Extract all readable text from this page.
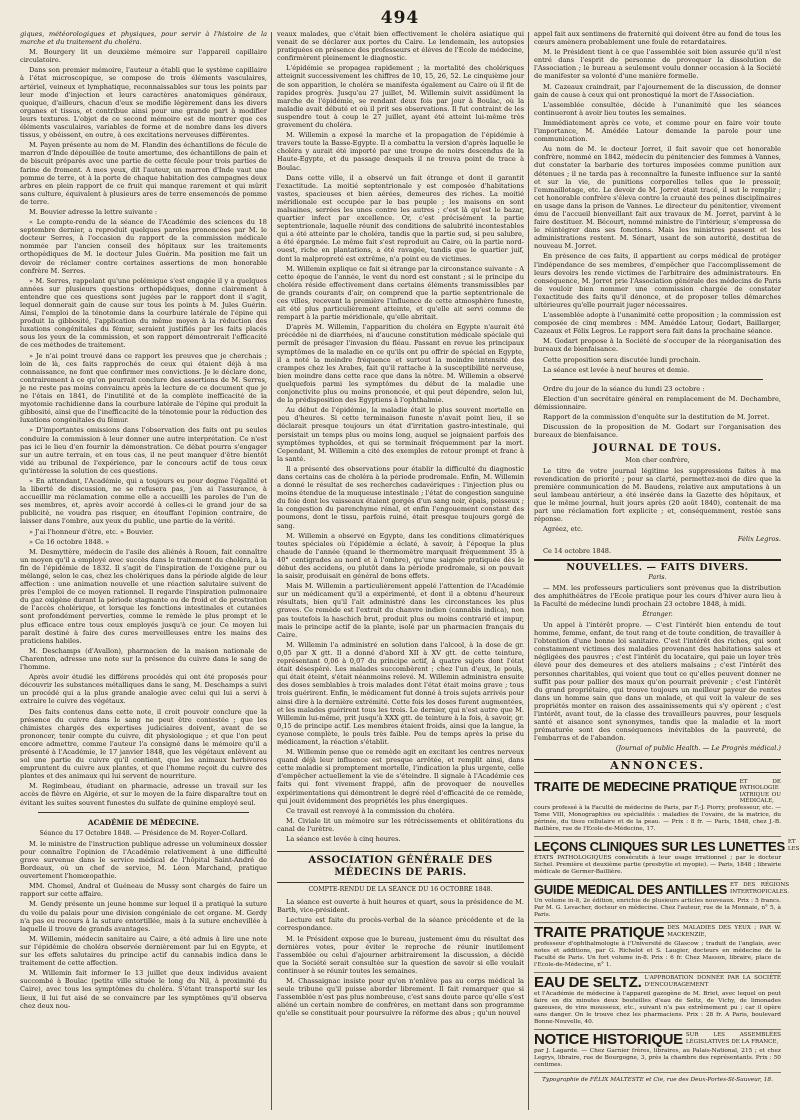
494

giques, météorologiques et physiques, pour servir à l'histoire de la marche et du traitement du choléra.

M. Bourgery lit un deuxième mémoire sur l'appareil capillaire circulatoire.

Dans son premier mémoire, l'auteur a établi que le système capillaire à l'état microscopique, se compose de trois éléments vasculaires, artériel, veineux et lymphatique, reconnaissables sur tous les points par leur mode d'injection et leurs caractères anatomiques généraux, quoique, d'ailleurs, chacun d'eux se modifie légèrement dans les divers organes et tissus, et contribue ainsi pour une grande part à modifier leurs textures. L'objet de ce second mémoire est de montrer que ces éléments vasculaires, variables de forme et de nombre dans les divers tissus, y obéissent, en outre, à ces excitations nerveuses différentes.

M. Payen présente au nom de M. Flandin des échantillons de fécule de marron d'Inde dépouillée de toute amertume, des échantillons de pain et de biscuit préparés avec une partie de cette fécule pour trois parties de farine de froment. A mes yeux, dit l'auteur, un marron d'Inde vaut une pomme de terre, et à la porte de chaque habitation des campagnes deux arbres en plein rapport de ce fruit qui manque rarement et qui mûrit sans culture, équivalent à plusieurs ares de terre ensemencés de pomme de terre.

M. Bouvier adresse la lettre suivante :

« Le compte-rendu de la séance de l'Académie des sciences du 18 septembre dernier, a reproduit quelques paroles prononcées par M. le docteur Serres, à l'occasion du rapport de la commission médicale nommée par l'ancien conseil des hôpitaux sur les traitements orthopédiques de M. le docteur Jules Guérin. Ma position me fait un devoir de réclamer contre certaines assertions de mon honorable confrère M. Serres.

» M. Serres, rappelant qu'une polémique s'est engagée il y a quelques années sur plusieurs questions orthopédiques, donne clairement à entendre que ces questions sont jugées par le rapport dont il s'agit, lequel donnerait gain de cause sur tous les points à M. Jules Guérin. Ainsi, l'emploi de la ténotomie dans la courbure latérale de l'épine qui produit la gibbosité, l'application du même moyen à la réduction des luxations congénitales du fémur, seraient justifiés par les faits placés sous les yeux de la commission, et son rapport démontrerait l'efficacité de ces méthodes de traitement.

» Je n'ai point trouvé dans ce rapport les preuves que je cherchais ; loin de là, ces faits rapprochés de ceux qui étaient déjà à ma connaissance, ne font que confirmer mes convictions. Je le déclare donc, contrairement à ce qu'on pourrait conclure des assertions de M. Serres, je ne reste pas moins convaincu après la lecture de ce document que je ne l'étais en 1841, de l'inutilité et de la complète inefficacité de la myotomie rachidienne dans la courbure latérale de l'épine qui produit la gibbosité, ainsi que de l'inefficacité de la ténotomie pour la réduction des luxations congénitales du fémur.

» D'importantes omissions dans l'observation des faits ont pu seules conduire la commission à leur donner une autre interprétation. Ce n'est pas ici le lieu d'en fournir la démonstration. Ce débat pourra s'engager sur un autre terrain, et en tous cas, il ne peut manquer d'être bientôt vidé au tribunal de l'expérience, par le concours actif de tous ceux qu'intéresse la solution de ces questions.

» En attendant, l'Académie, qui a toujours eu pour dogme l'égalité et la liberté de discussion, ne se refusera pas, j'en ai l'assurance, à accueillir ma réclamation comme elle a accueilli les paroles de l'un de ses membres, et, après avoir accordé à celles-ci le grand jour de sa publicité, ne voudra pas risquer, en étouffant l'opinion contraire, de laisser dans l'ombre, aux yeux du public, une partie de la vérité.

» J'ai l'honneur d'être, etc. » Bouvier.

» Ce 16 octobre 1848. »

M. Desmyttère, médecin de l'asile des aliénés à Rouen, fait connaître un moyen qu'il a employé avec succès dans le traitement du choléra, à la fin de l'épidémie de 1832. Il s'agit de l'inspiration de l'oxigène pur ou mélangé, selon le cas, chez les cholériques dans la période algide de leur affection : une animation nouvelle et une réaction salutaire suivent de près l'emploi de ce moyen rationnel. Il regarde l'inspiration pulmonaire du gaz oxigène durant la période stagnante ou de froid et de prostration de l'accès cholérique, et lorsque les fonctions intestinales et cutanées sont profondément perverties, comme le remède le plus prompt et le plus efficace entre tous ceux employés jusqu'à ce jour. Ce moyen lui paraît destiné à faire des cures merveilleuses entre les mains des praticiens habiles.

M. Deschamps (d'Avallon), pharmacien de la maison nationale de Charenton, adresse une note sur la présence du cuivre dans le sang de l'homme.

Après avoir étudié les différens procédés qui ont été proposés pour découvrir les substances métalliques dans le sang, M. Deschamps a suivi un procédé qui a la plus grande analogie avec celui qui lui a servi à extraire le cuivre des végétaux.

Des faits contenus dans cette note, il croit pouvoir conclure que la présence du cuivre dans le sang ne peut être contestée ; que les chimistes chargés des expertises judiciaires doivent, avant de se prononcer, tenir compte du cuivre, dit physiologique ; et que l'on peut encore admettre, comme l'auteur l'a consigné dans le mémoire qu'il a présenté à l'Académie, le 17 janvier 1848, que les végétaux enlèvent au sol une partie du cuivre qu'il contient, que les animaux herbivores empruntent du cuivre aux plantes, et que l'homme reçoit du cuivre des plantes et des animaux qui lui servent de nourriture.

M. Regimbeau, étudiant en pharmacie, adresse un travail sur les accès de fièvre en Algérie, et sur le moyen de la faire disparaître tout en évitant les suites souvent funestes du sulfate de quinine employé seul.

ACADÉMIE DE MÉDECINE.
Séance du 17 Octobre 1848. — Présidence de M. Royer-Collard.

M. le ministre de l'instruction publique adresse un volumineux dossier pour connaître l'opinion de l'Académie relativement à une difficulté grave survenue dans le service médical de l'hôpital Saint-André de Bordeaux, où un chef de service, M. Léon Marchand, pratique ouvertement l'homœopathie.

MM. Chomel, Andral et Guéneau de Mussy sont chargés de faire un rapport sur cette affaire.

M. Gendy présente un jeune homme sur lequel il a pratiqué la suture du voile du palais pour une division congéniale de cet organe. M. Gerdy n'a pas eu recours à la suture entortillée, mais à la suture enchevillée à laquelle il trouve de grands avantages.

M. Willemin, médecin sanitaire au Caire, a été admis à lire une note sur l'épidémie de choléra observée dernièrement par lui en Egypte, et sur les effets salutaires du principe actif du cannabis indica dans le traitement de cette affection.

M. Willemin fait informer le 13 juillet que deux individus avaient succombé à Boulac (petite ville située le long du Nil, à proximité du Caire), avec tous les symptômes du choléra. S'étant transporté sur les lieux, il lui fut aisé de se convaincre par les symptômes qu'il observa chez deux nou-

veaux malades, que c'était bien effectivement le choléra asiatique qui venait de se déclarer aux portes du Caire. Le lendemain, les autopsies pratiquées en présence des professeurs et élèves de l'Ecole de médecine, confirmèrent pleinement le diagnostic.

L'épidémie se propagea rapidement ; la mortalité des cholériques atteignit successivement les chiffres de 10, 15, 26, 52. Le cinquième jour de son apparition, le choléra se manifesta également au Caire où il fit de rapides progrès. Jusqu'au 27 juillet, M. Willemin suivit assidûment la marche de l'épidémie, se rendant deux fois par jour à Boulac, où la maladie avait débuté et où il prit ses observations. Il fut contraint de les suspendre tout à coup le 27 juillet, ayant été atteint lui-même très gravement du choléra.

M. Willemin a exposé la marche et la propagation de l'épidémie à travers toute la Basse-Egypte. Il a combattu la version d'après laquelle le choléra y aurait été importé par une troupe de noirs descendus de la Haute-Egypte, et du passage desquels il ne trouva point de trace à Boulac.

Dans cette ville, il a observé un fait étrange et dont il garantit l'exactitude. La moitié septentrionale y est composée d'habitations vastes, spacieuses et bien aérées, demeures des riches. La moitié méridionale est occupée par le bas peuple ; les maisons en sont malsaines, serrées les unes contre les autres ; c'est là qu'est le bazar, quartier infect par excellence. Or, c'est précisément la partie septentrionale, laquelle réunit des conditions de salubrité incontestables qui a été atteinte par le choléra, tandis que la partie sud, si peu salubre, a été épargnée. Le même fait s'est reproduit au Caire, où la partie nord-ouest, riche en plantations, a été ravagée, tandis que le quartier juif, dont la malpropreté est extrême, n'a point eu de victimes.

M. Willemin explique ce fait si étrange par la circonstance suivante : A cette époque de l'année, le vent du nord est constant ; si le principe du choléra réside effectivement dans certains éléments transmissibles par de grands courants d'air, on comprend que la partie septentrionale de ces villes, recevant la première l'influence de cette atmosphère funeste, ait été plus particulièrement atteinte, et qu'elle ait servi comme de rempart à la partie méridionale, qu'elle abritait.

D'après M. Willemin, l'apparition du choléra en Egypte n'aurait été précédée ni de diarrhées, ni d'aucune constitution médicale spéciale qui permît de présager l'invasion du fléau. Passant en revue les principaux symptômes de la maladie en ce qu'ils ont pu offrir de spécial en Egypte, il a noté la moindre fréquence et surtout la moindre intensité des crampes chez les Arabes, fait qu'il rattache à la susceptibilité nerveuse, bien moindre dans cette race que dans la nôtre. M. Willemin a observé quelquefois parmi les symptômes du début de la maladie une conjonctivite plus ou moins prononcée, et qui peut dépendre, selon lui, de la prédisposition des Egyptiens à l'ophthalmie.

Au début de l'épidémie, la maladie était le plus souvent mortelle en peu d'heures. Si cette terminaison funeste n'avait point lieu, il se déclarait presque toujours un état d'irritation gastro-intestinale, qui persistait un temps plus ou moins long, auquel se joignaient parfois des symptômes typhoïdes, et qui se terminait fréquemment par la mort. Cependant, M. Willemin a cité des exemples de retour prompt et franc à la santé.

Il a présenté des observations pour établir la difficulté du diagnostic dans certains cas de choléra à la période prodromale. Enfin, M. Willemin a donné le résultat de ses recherches cadavériques : l'injection plus ou moins étendue de la muqueuse intestinale ; l'état de congestion sanguine du foie dont les vaisseaux étaient gorgés d'un sang noir, épais, poisseux ; la congestion du parenchyme rénal, et enfin l'engouement constant des poumons, dont le tissu, parfois ruiné, était presque toujours gorgé de sang.

M. Willemin a observé en Egypte, dans les conditions climatériques toutes spéciales où l'épidémie a éclaté, à savoir, à l'époque la plus chaude de l'année (quand le thermomètre marquait fréquemment 35 à 40° centigrades au nord et à l'ombre), qu'une saignée pratiquée dès le début des accidens, ou plutôt dans la période prodromale, si on pouvait la saisir, produisait en général de bons effets.

Mais M. Willemin a particulièrement appelé l'attention de l'Académie sur un médicament qu'il a expérimenté, et dont il a obtenu d'heureux résultats, bien qu'il l'ait administré dans les circonstances les plus graves. Ce remède est l'extrait du chanvre indien (cannabis indica), non pas toutefois la haschich brut, produit plus ou moins contrarié et impur, mais le principe actif de la plante, isolé par un pharmacien français du Caire.

M. Willemin l'a administré en solution dans l'alcool, à la dose de gr. 0,05 par X gtt. Il a donné d'abord XII à XV gtt. de cette teinture, représentant 0,06 à 0,07 du principe actif, à quatre sujets dont l'état était désespéré. Les malades succombèrent ; chez l'un d'eux, le pouls, qui était éteint, s'était néanmoins relevé. M. Willemin administra ensuite des doses semblables à trois malades dont l'état était moins grave ; tous trois guérirent. Enfin, le médicament fut donné à trois sujets arrivés pour ainsi dire à la dernière extrémité. Cette fois les doses furent augmentées, et les malades guérirent tous les trois. Le dernier, qui n'est autre que M. Willemin lui-même, prit jusqu'à XXX gtt. de teinture à la fois, à savoir, gr. 0,15 de principe actif. Les membres étaient froids, ainsi que la langue, la cyanose complète, le pouls très faible. Peu de temps après la prise du médicament, la réaction s'établit.

M. Willemin pense que ce remède agit en excitant les centres nerveux quand déjà leur influence est presque arrêtée, et remplit ainsi, dans cette maladie si promptement mortelle, l'indication la plus urgente, celle d'empêcher actuellement la vie de s'éteindre. Il signale à l'Académie ces faits qui font vivement frappé, afin de provoquer de nouvelles expérimentations qui démontrent le degré réel d'efficacité de ce remède, qui jouit évidemment des propriétés les plus énergiques.

Ce travail est renvoyé à la commission du choléra.

M. Civiale lit un mémoire sur les rétrécissements et oblitérations du canal de l'urètre.

La séance est levée à cinq heures.

ASSOCIATION GÉNÉRALE DES MÉDECINS DE PARIS.
COMPTE-RENDU DE LA SÉANCE DU 16 OCTOBRE 1848.

La séance est ouverte à huit heures et quart, sous la présidence de M. Barth, vice-président.

Lecture est faite du procès-verbal de la séance précédente et de la correspondance.

M. le Président expose que le bureau, justement ému du résultat des dernières votes, pour éviter le reproche de réunir inutilement l'assemblée ou celui d'ajourner arbitrairement la discussion, a décidé que la Société serait consultée sur la question de savoir si elle voulait continuer à se réunir toutes les semaines.

M. Chassaignac insiste pour qu'on n'enlève pas au corps médical la seule tribune qu'il puisse aborder librement. Il fait remarquer que si l'assemblée n'est pas plus nombreuse, c'est sans doute parce qu'elle s'est aliéné un certain nombre de confrères, en mettant dans son programme qu'elle se constituait pour poursuivre la réforme des abus ; qu'un nouvel

appel fait aux sentimens de fraternité qui doivent être au fond de tous les cœurs amènera probablement une foule de retardataires.

M. le Président tient à ce que l'assemblée soit bien assurée qu'il n'est entré dans l'esprit de personne de provoquer la dissolution de l'Association ; le bureau a seulement voulu donner occasion à la Société de manifester sa volonté d'une manière formelle.

M. Cazeaux craindrait, par l'ajournement de la discussion, de donner gain de cause à ceux qui ont pronostiqué la mort de l'Association.

L'assemblée consultée, décide à l'unanimité que les séances continueront à avoir lieu toutes les semaines.

Immédiatement après ce vote, et comme pour en faire voir toute l'importance, M. Amédée Latour demande la parole pour une communication.

Au nom de M. le docteur Jorret, il fait savoir que cet honorable confrère, nommé en 1842, médecin du pénitencier des femmes à Vannes, dut constater la barbarie des tortures imposées comme punition aux détenues ; il ne tarda pas à reconnaître la funeste influence sur la santé et sur la vie, de punitions corporelles telles que le pressoir, l'emmaillotage, etc. Le devoir de M. Jorret était tracé, il sut le remplir ; cet honorable confrère s'éleva contre la cruauté des peines disciplinaires en usage dans la prison de Vannes. Le directeur du pénitentier, vivement ému de l'accueil bienveillant fait aux travaux de M. Jorret, parvint à le faire destituer. M. Bécourt, nommé ministre de l'intérieur, s'empressa de le réintégrer dans ses fonctions. Mais les ministres passent et les administrations restent. M. Sénart, usant de son autorité, destitua de nouveau M. Jorret.

En présence de ces faits, il appartient au corps médical de protéger l'indépendance de ses membres, d'empêcher que l'accomplissement de leurs devoirs les rende victimes de l'arbitraire des administrateurs. En conséquence, M. Jorret prie l'Association générale des médecins de Paris de vouloir bien nommer une commission chargée de constater l'exactitude des faits qu'il dénonce, et de proposer telles démarches ultérieures qu'elle pourrait juger nécessaires.

L'assemblée adopte à l'unanimité cette proposition ; la commission est composée de cinq membres : MM. Amédée Latour, Godart, Baillarger, Cazeaux et Félix Legros. Le rapport sera fait dans la prochaine séance.

M. Godart propose à la Société de s'occuper de la réorganisation des bureaux de bienfaisance.

Cette proposition sera discutée lundi prochain.

La séance est levée à neuf heures et demie.

Ordre du jour de la séance du lundi 23 octobre :

Election d'un secrétaire général en remplacement de M. Dechambre, démissionnaire.

Rapport de la commission d'enquête sur la destitution de M. Jorret.

Discussion de la proposition de M. Godart sur l'organisation des bureaux de bienfaisance.

JOURNAL DE TOUS.

Mon cher confrère,

Le titre de votre journal légitime les suppressions faites à ma revendication de priorité ; pour sa clarté, permettez-moi de dire que la première communication de M. Baudens, relative aux amputations à un seul lambeau antérieur, a été insérée dans la Gazette des hôpitaux, et que le même journal, huit jours après (20 août 1840), contenait de ma part une réclamation fort explicite ; et, conséquemment, restée sans réponse.

Agréez, etc.

Félix Legros.

Ce 14 octobre 1848.

NOUVELLES. — FAITS DIVERS.
Paris.

— MM. les professeurs particuliers sont prévenus que la distribution des amphithéâtres de l'Ecole pratique pour les cours d'hiver aura lieu à la Faculté de médecine lundi prochain 23 octobre 1848, à midi.

Étranger.

Un appel à l'intérêt propre. — C'est l'intérêt bien entendu de tout homme, femme, enfant, de tout rang et de toute condition, de travailler à l'obtention d'une bonne loi sanitaire. C'est l'intérêt des riches, qui sont constamment victimes des maladies provenant des habitations sales et négligées des pauvres ; c'est l'intérêt du locataire, qui paie un loyer très élevé pour des demeures et des ateliers malsains ; c'est l'intérêt des personnes charitables, qui voient que tout ce qu'elles peuvent donner ne suffit pas pour pallier des maux qu'on pourrait prévenir ; c'est l'intérêt du grand propriétaire, qui trouve toujours un meilleur payeur de rentes dans un homme sain que dans un malade, et qui voit la valeur de ses propriétés monter en raison des assainissements qui s'y opèrent ; c'est l'intérêt, avant tout, de la classe des travailleurs pauvres, pour lesquels santé et aisance sont synonymes, tandis que la maladie et la mort prématurée sont des conséquences inévitables de la pauvreté, de l'embarras et de l'abandon.

(Journal of public Health. — Le Progrès médical.)

ANNONCES.
TRAITE DE MEDECINE PRATIQUE ET DE PATHOLOGIE IATRIQUE OU MÉDICALE,
cours professé à la Faculté de médecine de Paris, par F.-J. Piorry, professeur, etc. — Tome VIII, Monographies ou spécialités : maladies de l'ovaire, de la matrice, du périnée, du tissu cellulaire et de la peau. — Prix : 8 fr. — Paris, 1848, chez J.-B. Baillière, rue de l'Ecole-de-Médecine, 17.
LEÇONS CLINIQUES SUR LES LUNETTES ET LES
ÉTATS PATHOLOGIQUES consécutifs à leur usage irrationnel ; par le docteur Sichel. Première et deuxième partie (presbytie et myopie). — Paris, 1848 ; librairie médicale de Germer-Baillière.
GUIDE MEDICAL DES ANTILLES ET DES RÉGIONS INTERTROPICALES.
Un volume in-8, 2e édition, enrichie de plusieurs articles nouveaux. Prix : 5 francs. Par M. G. Levacher, docteur en médecine. Chez l'auteur, rue de la Monnaie, n° 5, à Paris.
TRAITE PRATIQUE DES MALADIES DES YEUX ; PAR W. MACKENZIE,
professeur d'ophthalmologie à l'Université de Glascow ; traduit de l'anglais, avec notes et additions, par G. Richelot et S. Laugier, docteurs en médecine de la Faculté de Paris. Un fort volume in-8. Prix : 6 fr. Chez Masson, libraire, place de l'Ecole-de-Médecine, n° 1.
EAU DE SELTZ. L'APPROBATION DONNÉE PAR LA SOCIÉTÉ D'ENCOURAGEMENT
et l'Académie de médecine à l'appareil gazogène de M. Briet, avec lequel on peut faire en dix minutes deux bouteilles d'eau de Seltz, de Vichy, de limonades gazeuses, de vins mousseux, etc., suivant n'a pas extrêmement pu ; car il opère sans danger. On le trouve chez les pharmaciens. Prix : 28 fr. A Paris, boulevard Bonne-Nouvelle, 40.
NOTICE HISTORIQUE SUR LES ASSEMBLÉES LÉGISLATIVES DE LA FRANCE,
par J. Lagarde. — Chez Garnier frères, libraires, au Palais-National, 215 ; et chez Legrys, libraire, rue de Bourgogne, 3, près la chambre des représentants. Prix : 50 centimes.
Typographie de FÉLIX MALTESTE et Cie, rue des Deux-Portes-St-Sauveur, 18.
